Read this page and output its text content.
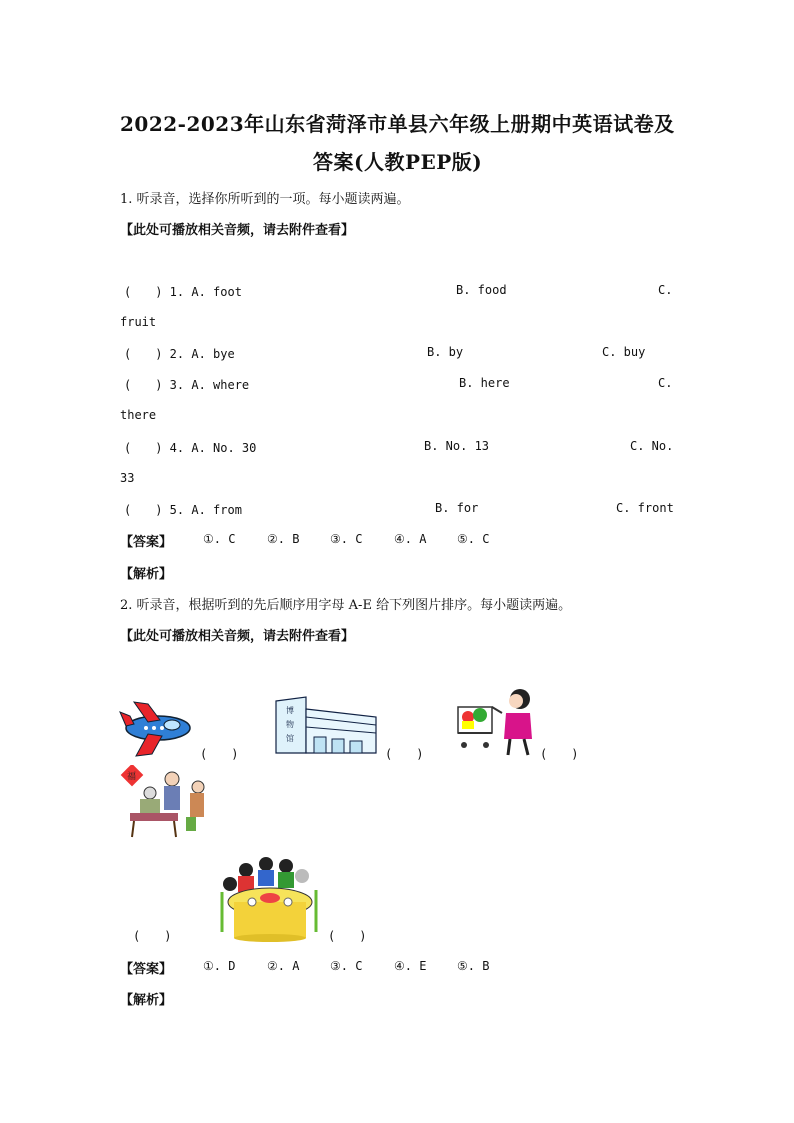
2022-2023年山东省菏泽市单县六年级上册期中英语试卷及
答案(人教PEP版)
1. 听录音，选择你所听到的一项。每小题读两遍。
【此处可播放相关音频，请去附件查看】
(　　) 1. A. foot	B. food	C.
fruit
(　　) 2. A. bye	B. by	C. buy
(　　) 3. A. where	B. here	C.
there
(　　) 4. A. No. 30	B. No. 13	C. No.
33
(　　) 5. A. from	B. for	C. front
【答案】	①. C	②. B	③. C	④. A	⑤. C
【解析】
2. 听录音，根据听到的先后顺序用字母 A-E 给下列图片排序。每小题读两遍。
【此处可播放相关音频，请去附件查看】
(　　)
博
物
馆
(　　)	(　　)
福
(　　)	(　　)
【答案】	①. D	②. A	③. C	④. E	⑤. B
【解析】
